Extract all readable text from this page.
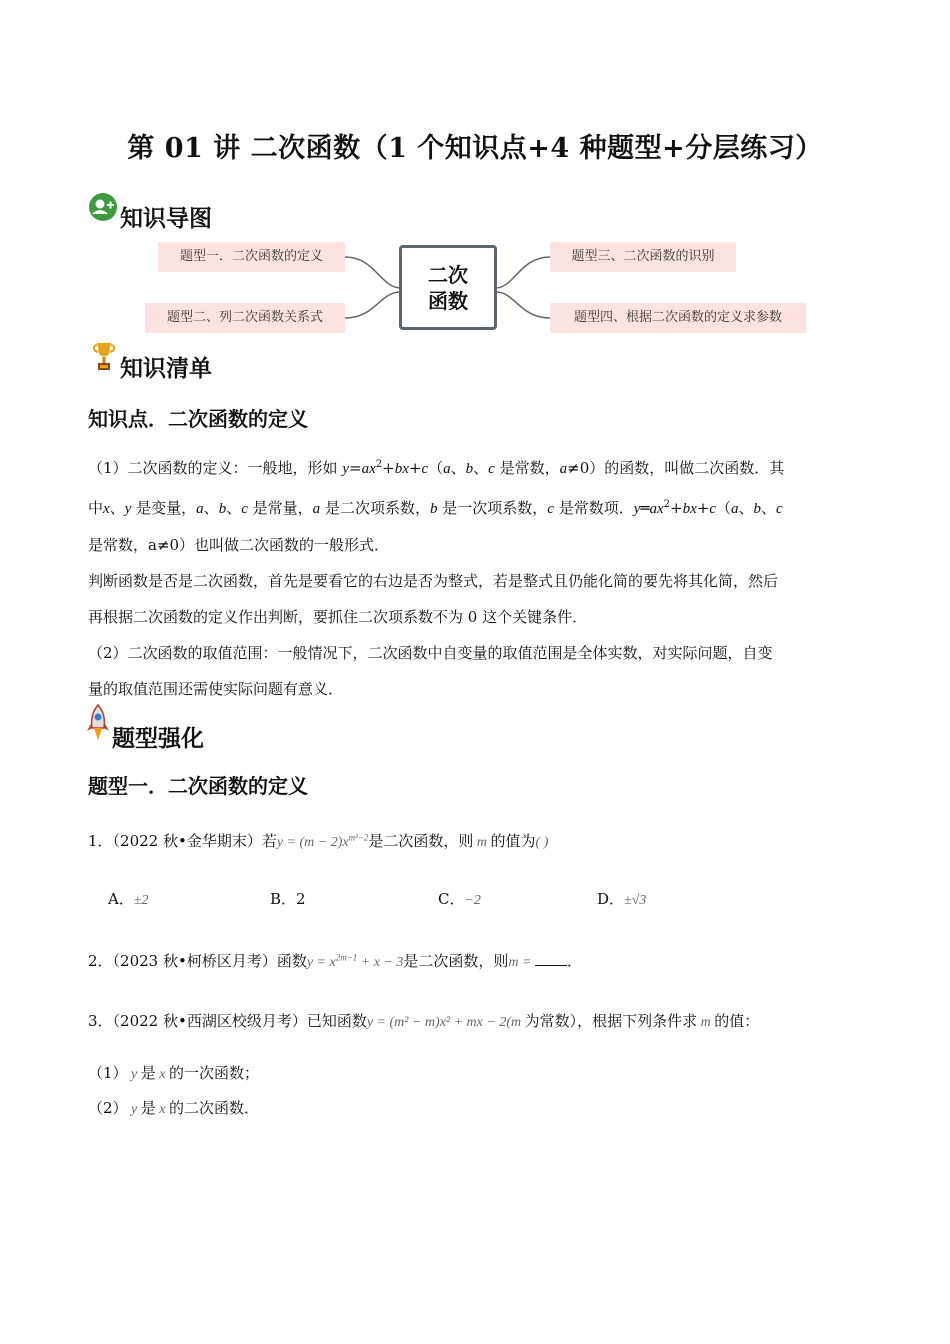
第 01 讲 二次函数（1 个知识点+4 种题型+分层练习）
知识导图
题型一．二次函数的定义
题型二、列二次函数关系式
题型三、二次函数的识别
题型四、根据二次函数的定义求参数
二次
函数
知识清单
知识点．二次函数的定义
（1）二次函数的定义：一般地，形如 $y=ax^2+bx+c(a$、b、c 是常数，a≠0）的函数，叫做二次函数．其
中x、y 是变量，a、b、c 是常量，a 是二次项系数，b 是一次项系数，c 是常数项．$y═ax^2+bx+c(a$、b、c
是常数，a≠0）也叫做二次函数的一般形式．
判断函数是否是二次函数，首先是要看它的右边是否为整式，若是整式且仍能化简的要先将其化简，然后
再根据二次函数的定义作出判断，要抓住二次项系数不为 0 这个关键条件．
（2）二次函数的取值范围：一般情况下，二次函数中自变量的取值范围是全体实数，对实际问题，自变
量的取值范围还需使实际问题有意义．
题型强化
题型一．二次函数的定义
1．（2022 秋•金华期末）若$y = (m - 2)x^{m^2-2}$是二次函数，则 m 的值为( )
A．±2	B．2	C．−2	D．±√3
2．（2023 秋•柯桥区月考）函数$y = x^{2m-1} + x - 3$是二次函数，则m = ．
3．（2022 秋•西湖区校级月考）已知函数y = (m² − m)x² + mx − 2(m 为常数），根据下列条件求 m 的值：
（1） y 是 x 的一次函数；
（2） y 是 x 的二次函数．
